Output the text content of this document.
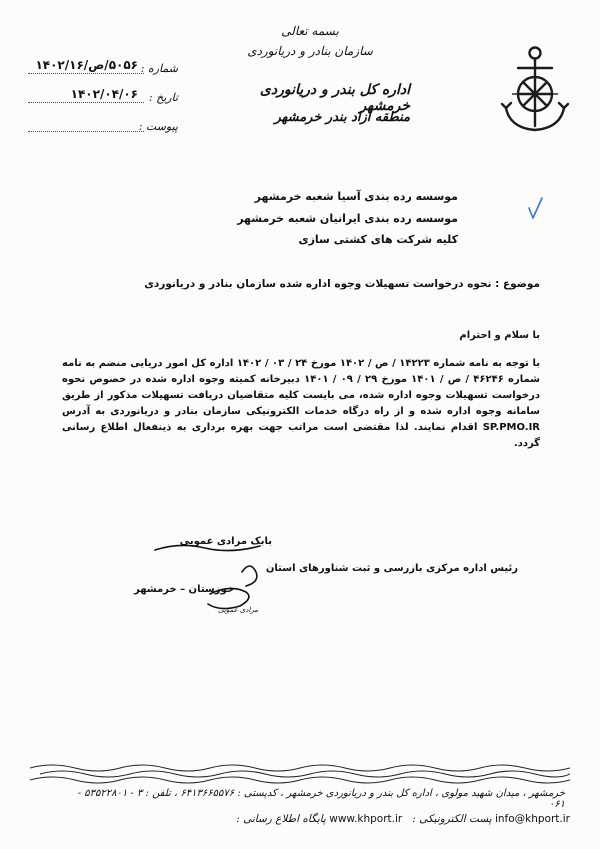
بسمه تعالی
سازمان بنادر و دریانوردی
اداره کل بندر و دریانوردی خرمشهر
منطقه آزاد بندر خرمشهر
شماره :
۵۰۵۶/ص/۱۴۰۲/۱۶
تاریخ :
۱۴۰۲/۰۴/۰۶
پیوست :
موسسه رده بندی آسیا شعبه خرمشهر
موسسه رده بندی ایرانیان شعبه خرمشهر
کلیه شرکت های کشتی سازی
موضوع : نحوه درخواست تسهیلات وجوه اداره شده سازمان بنادر و دریانوردی
با سلام و احترام
با توجه به نامه شماره ۱۴۲۲۳ / ص / ۱۴۰۲ مورخ ۲۴ / ۰۳ / ۱۴۰۲ اداره کل امور دریایی منضم به نامه شماره ۴۶۲۴۶ / ص / ۱۴۰۱ مورخ ۲۹ / ۰۹ / ۱۴۰۱ دبیرخانه کمیته وجوه اداره شده در خصوص نحوه درخواست تسهیلات وجوه اداره شده، می بایست کلیه متقاضیان دریافت تسهیلات مذکور از طریق سامانه وجوه اداره شده و از راه درگاه خدمات الکترونیکی سازمان بنادر و دریانوردی به آدرس SP.PMO.IR اقدام نمایند. لذا مقتضی است مراتب جهت بهره برداری به ذینفعال اطلاع رسانی گردد.
بابک مرادی عمویی
رئیس اداره مرکزی بازرسی و ثبت شناورهای استان
خوزستان – خرمشهر
مرادی عمویی
خرمشهر ، میدان شهید مولوی ، اداره کل بندر و دریانوردی خرمشهر ، کدپستی : ۶۴۱۳۶۶۵۵۷۶ ، تلفن : ۳ - ۵۳۵۲۲۸۰۱ - ۰۶۱
پایگاه اطلاع رسانی : www.khport.ir پست الکترونیکی : info@khport.ir
